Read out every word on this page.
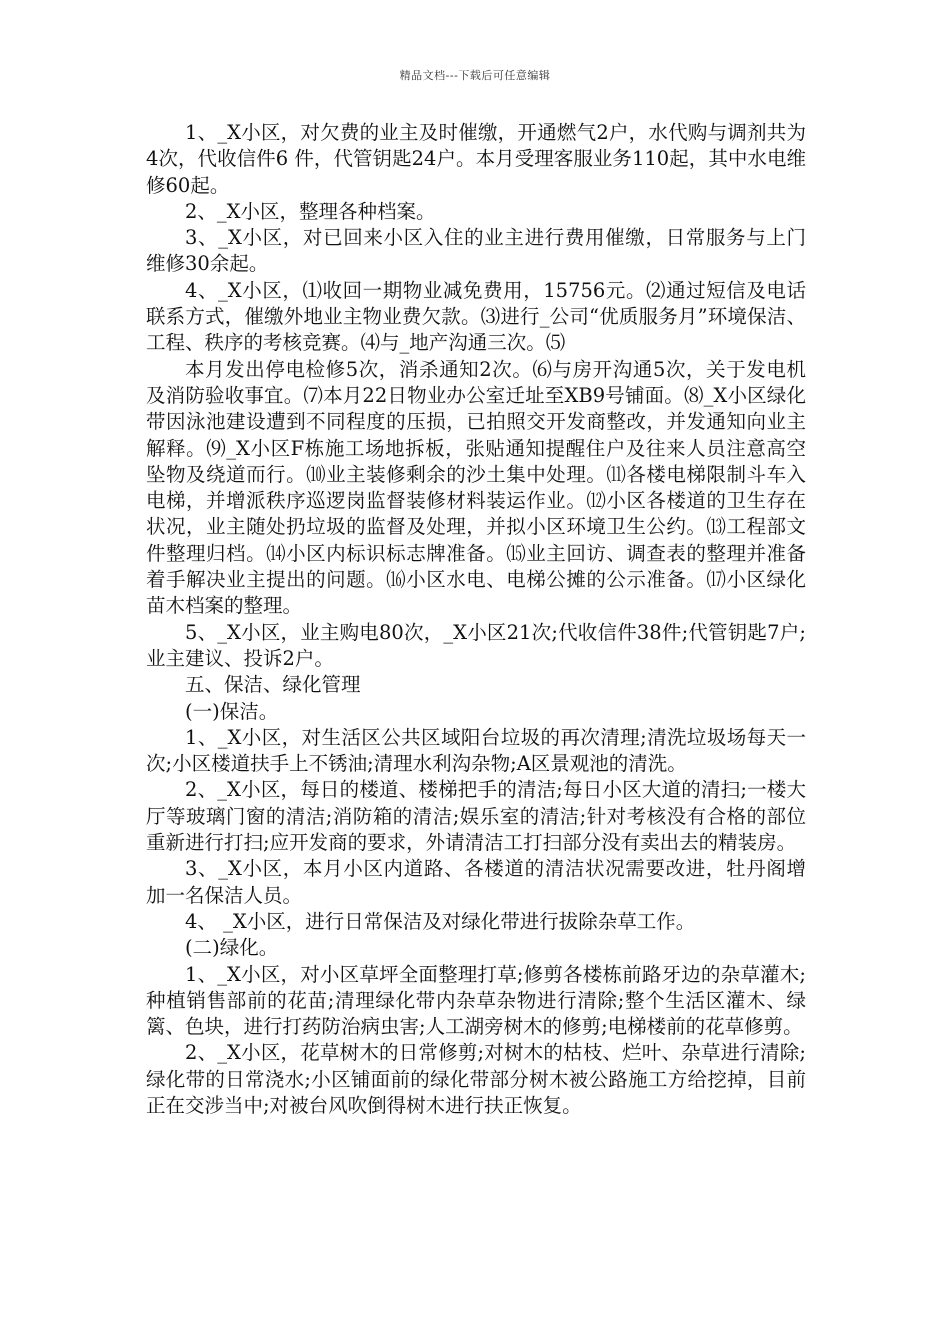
精品文档---下载后可任意编辑

1、_X小区，对欠费的业主及时催缴，开通燃气2户，水代购与调剂共为 4次，代收信件6 件，代管钥匙24户。本月受理客服业务110起，其中水电维修60起。

2、_X小区，整理各种档案。

3、_X小区，对已回来小区入住的业主进行费用催缴，日常服务与上门维修30余起。

4、_X小区，⑴收回一期物业减免费用，15756元。⑵通过短信及电话联系方式，催缴外地业主物业费欠款。⑶进行_公司“优质服务月”环境保洁、工程、秩序的考核竞赛。⑷与_地产沟通三次。⑸

本月发出停电检修5次，消杀通知2次。⑹与房开沟通5次，关于发电机及消防验收事宜。⑺本月22日物业办公室迁址至XB9号铺面。⑻_X小区绿化带因泳池建设遭到不同程度的压损，已拍照交开发商整改，并发通知向业主解释。⑼_X小区F栋施工场地拆板，张贴通知提醒住户及往来人员注意高空坠物及绕道而行。⑽业主装修剩余的沙土集中处理。⑾各楼电梯限制斗车入电梯，并增派秩序巡逻岗监督装修材料装运作业。⑿小区各楼道的卫生存在状况，业主随处扔垃圾的监督及处理，并拟小区环境卫生公约。⒀工程部文件整理归档。⒁小区内标识标志牌准备。⒂业主回访、调查表的整理并准备着手解决业主提出的问题。⒃小区水电、电梯公摊的公示准备。⒄小区绿化苗木档案的整理。

5、_X小区，业主购电80次，_X小区21次;代收信件38件;代管钥匙7户;业主建议、投诉2户。

五、保洁、绿化管理

(一)保洁。

1、_X小区，对生活区公共区域阳台垃圾的再次清理;清洗垃圾场每天一次;小区楼道扶手上不锈油;清理水利沟杂物;A区景观池的清洗。

2、_X小区，每日的楼道、楼梯把手的清洁;每日小区大道的清扫;一楼大厅等玻璃门窗的清洁;消防箱的清洁;娱乐室的清洁;针对考核没有合格的部位重新进行打扫;应开发商的要求，外请清洁工打扫部分没有卖出去的精装房。

3、_X小区，本月小区内道路、各楼道的清洁状况需要改进，牡丹阁增加一名保洁人员。

4、 _X小区，进行日常保洁及对绿化带进行拔除杂草工作。

(二)绿化。

1、_X小区，对小区草坪全面整理打草;修剪各楼栋前路牙边的杂草灌木;种植销售部前的花苗;清理绿化带内杂草杂物进行清除;整个生活区灌木、绿篱、色块，进行打药防治病虫害;人工湖旁树木的修剪;电梯楼前的花草修剪。

2、_X小区，花草树木的日常修剪;对树木的枯枝、烂叶、杂草进行清除;绿化带的日常浇水;小区铺面前的绿化带部分树木被公路施工方给挖掉，目前正在交涉当中;对被台风吹倒得树木进行扶正恢复。
